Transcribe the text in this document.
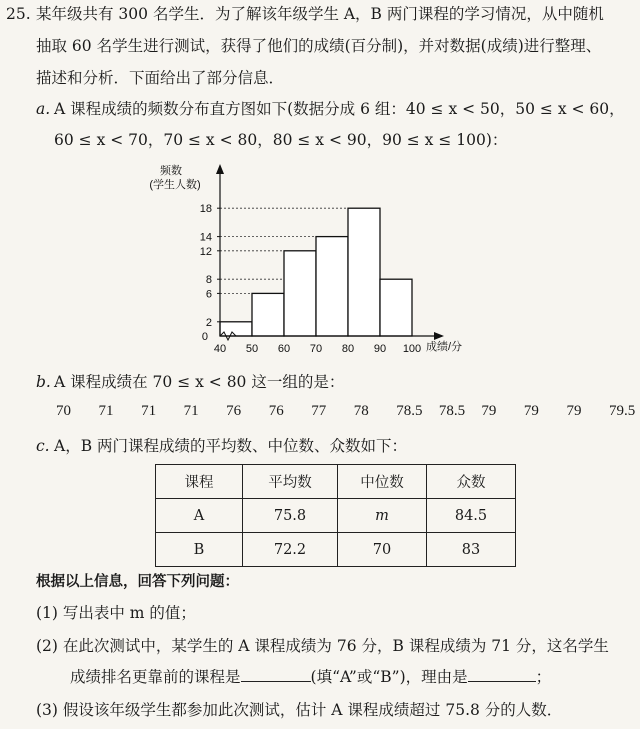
25. 某年级共有 300 名学生．为了解该年级学生 A，B 两门课程的学习情况，从中随机
抽取 60 名学生进行测试，获得了他们的成绩(百分制)，并对数据(成绩)进行整理、
描述和分析．下面给出了部分信息．
a. A 课程成绩的频数分布直方图如下(数据分成 6 组：40 ≤ x < 50，50 ≤ x < 60，
60 ≤ x < 70，70 ≤ x < 80，80 ≤ x < 90，90 ≤ x ≤ 100)：
18
14
12
8
6
2
0
40 50 60 70 80 90 100 成绩/分
频数
(学生人数)
b. A 课程成绩在 70 ≤ x < 80 这一组的是：
70 71 71 71 76 76 77 78 78.5 78.5 79 79 79 79.5
c. A，B 两门课程成绩的平均数、中位数、众数如下：
课程	平均数	中位数	众数
A	75.8	m	84.5
B	72.2	70	83
根据以上信息，回答下列问题：
(1) 写出表中 m 的值；
(2) 在此次测试中，某学生的 A 课程成绩为 76 分，B 课程成绩为 71 分，这名学生
成绩排名更靠前的课程是	(填“A”或“B”)，理由是	；
(3) 假设该年级学生都参加此次测试，估计 A 课程成绩超过 75.8 分的人数．
